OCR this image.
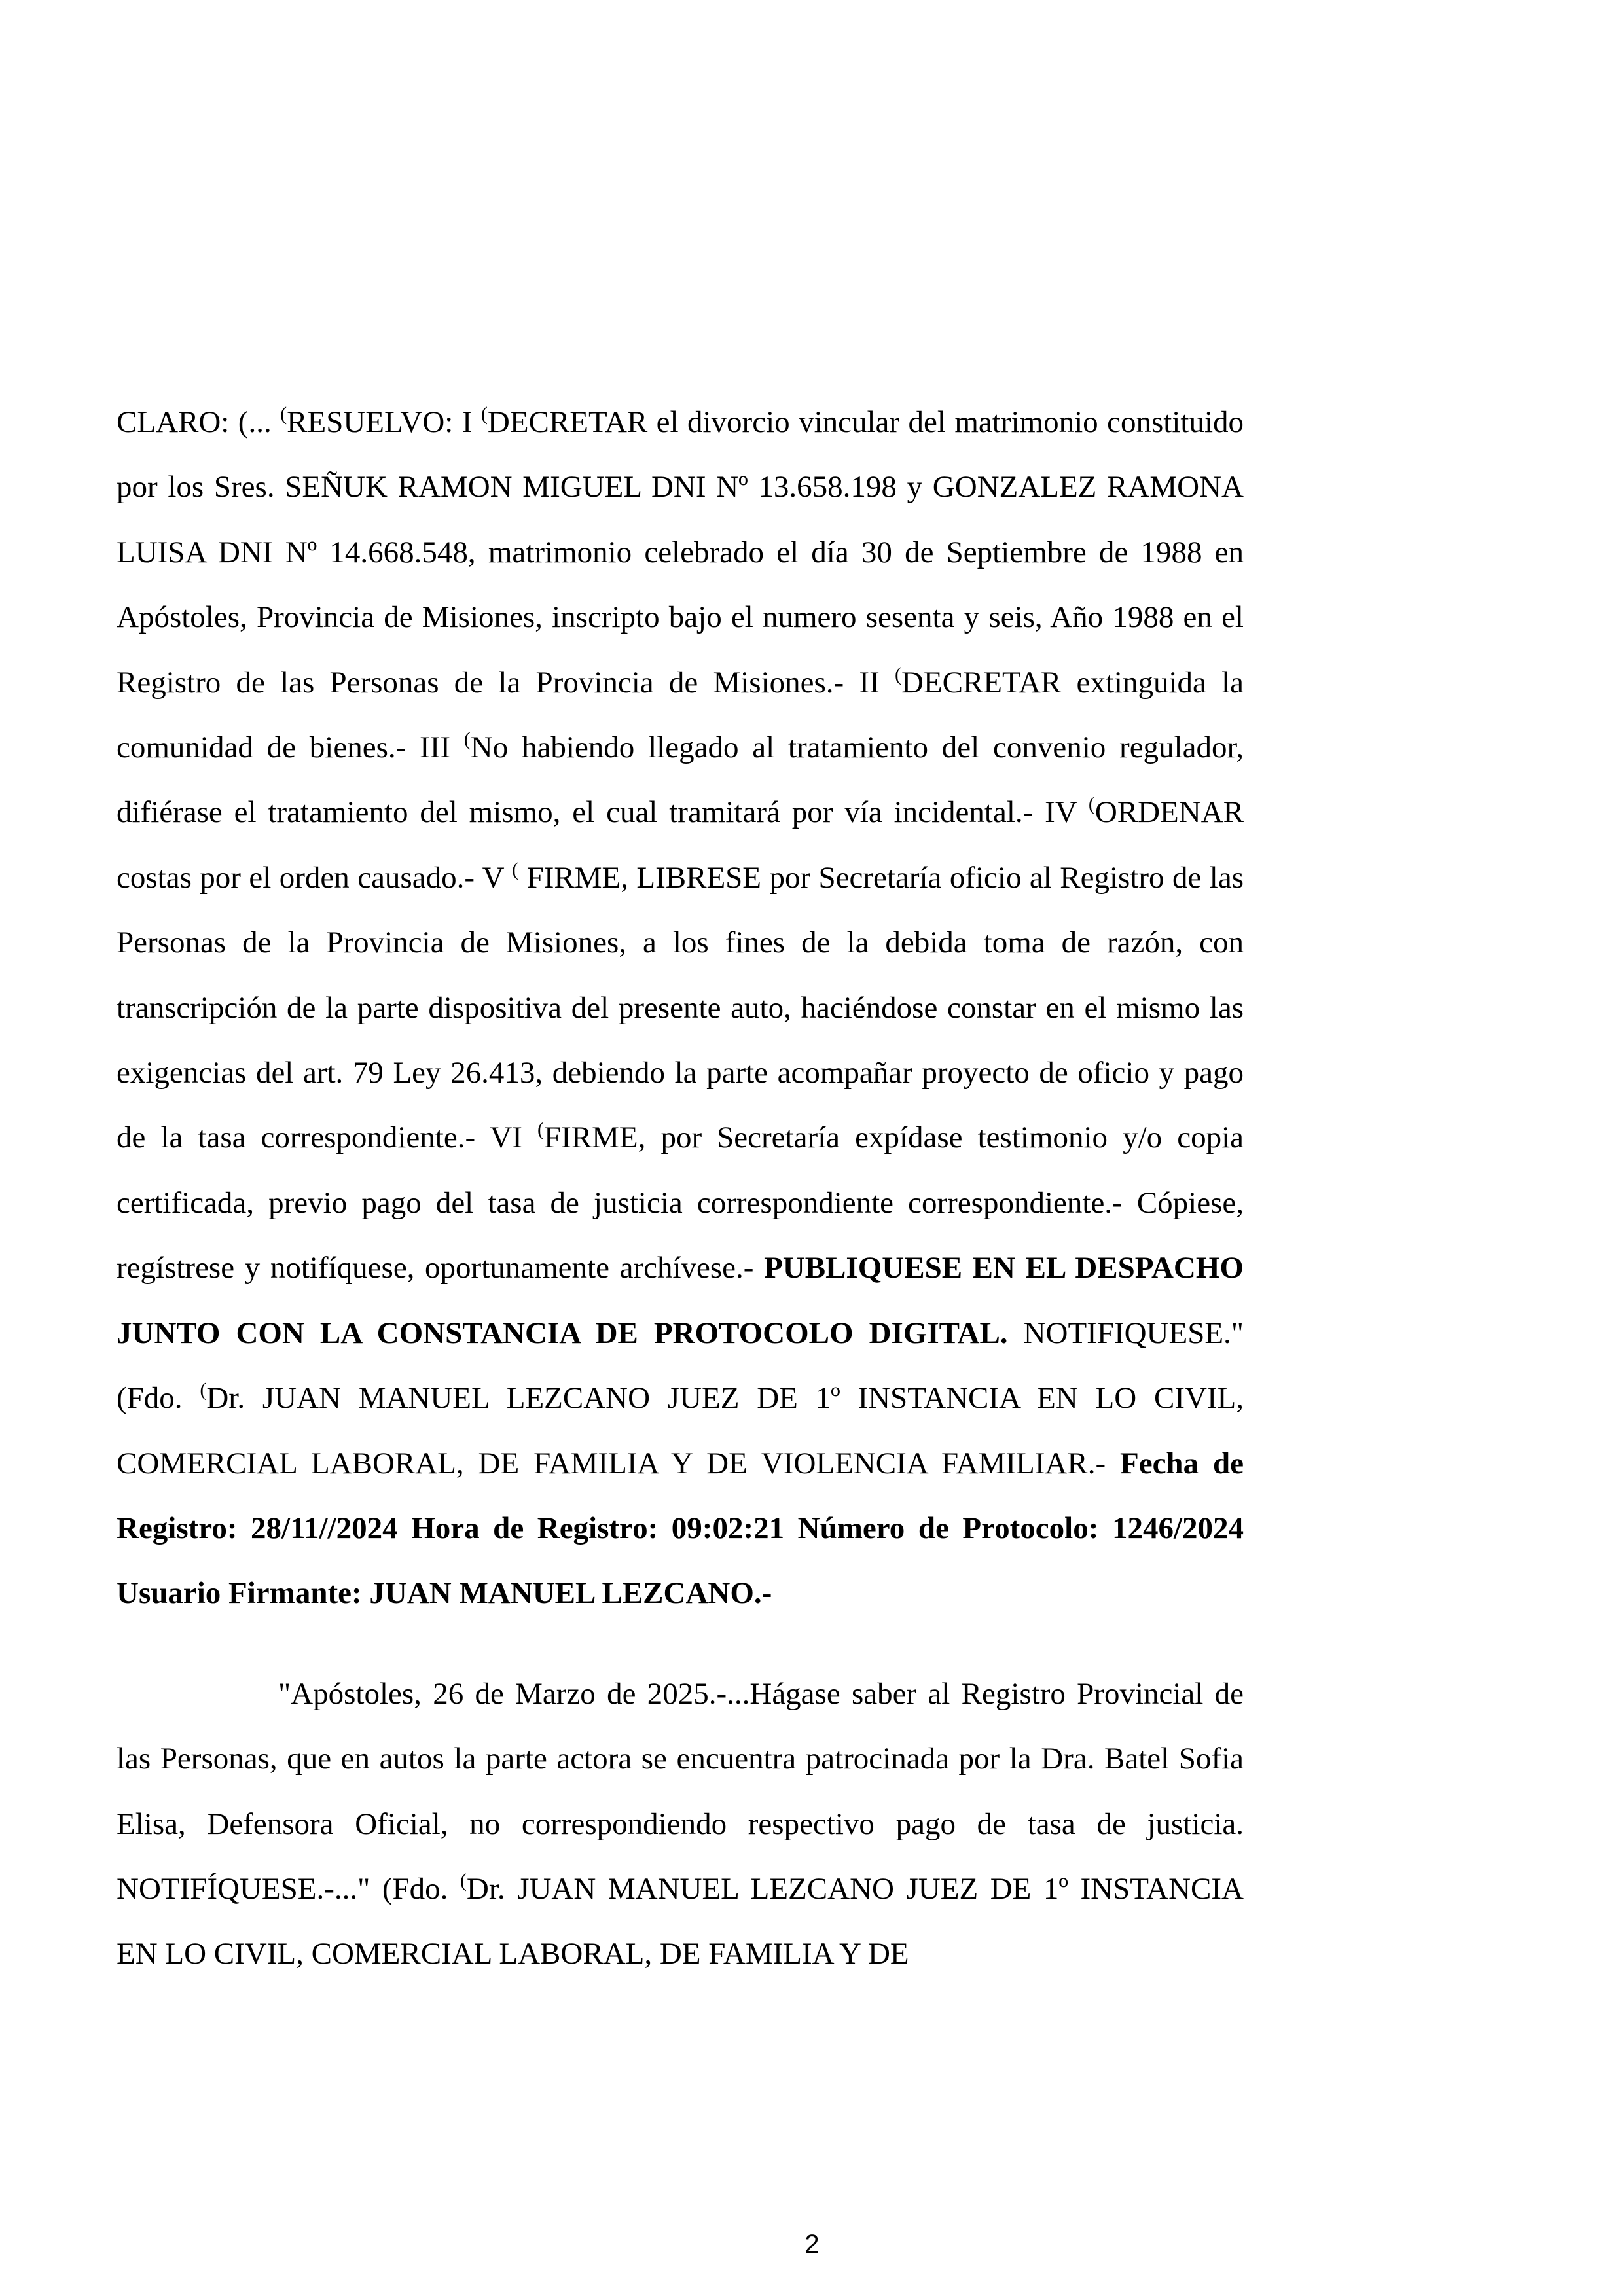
CLARO: (... (RESUELVO: I (DECRETAR el divorcio vincular del matrimonio constituido por los Sres. SEÑUK RAMON MIGUEL DNI Nº 13.658.198 y GONZALEZ RAMONA LUISA DNI Nº 14.668.548, matrimonio celebrado el día 30 de Septiembre de 1988 en Apóstoles, Provincia de Misiones, inscripto bajo el numero sesenta y seis, Año 1988 en el Registro de las Personas de la Provincia de Misiones.- II (DECRETAR extinguida la comunidad de bienes.- III (No habiendo llegado al tratamiento del convenio regulador, difiérase el tratamiento del mismo, el cual tramitará por vía incidental.- IV (ORDENAR costas por el orden causado.- V ( FIRME, LIBRESE por Secretaría oficio al Registro de las Personas de la Provincia de Misiones, a los fines de la debida toma de razón, con transcripción de la parte dispositiva del presente auto, haciéndose constar en el mismo las exigencias del art. 79 Ley 26.413, debiendo la parte acompañar proyecto de oficio y pago de la tasa correspondiente.- VI (FIRME, por Secretaría expídase testimonio y/o copia certificada, previo pago del tasa de justicia correspondiente correspondiente.- Cópiese, regístrese y notifíquese, oportunamente archívese.- PUBLIQUESE EN EL DESPACHO JUNTO CON LA CONSTANCIA DE PROTOCOLO DIGITAL. NOTIFIQUESE." (Fdo. (Dr. JUAN MANUEL LEZCANO JUEZ DE 1º INSTANCIA EN LO CIVIL, COMERCIAL LABORAL, DE FAMILIA Y DE VIOLENCIA FAMILIAR.- Fecha de Registro: 28/11//2024 Hora de Registro: 09:02:21 Número de Protocolo: 1246/2024 Usuario Firmante: JUAN MANUEL LEZCANO.-

"Apóstoles, 26 de Marzo de 2025.-...Hágase saber al Registro Provincial de las Personas, que en autos la parte actora se encuentra patrocinada por la Dra. Batel Sofia Elisa, Defensora Oficial, no correspondiendo respectivo pago de tasa de justicia. NOTIFÍQUESE.-..." (Fdo. (Dr. JUAN MANUEL LEZCANO JUEZ DE 1º INSTANCIA EN LO CIVIL, COMERCIAL LABORAL, DE FAMILIA Y DE

2
